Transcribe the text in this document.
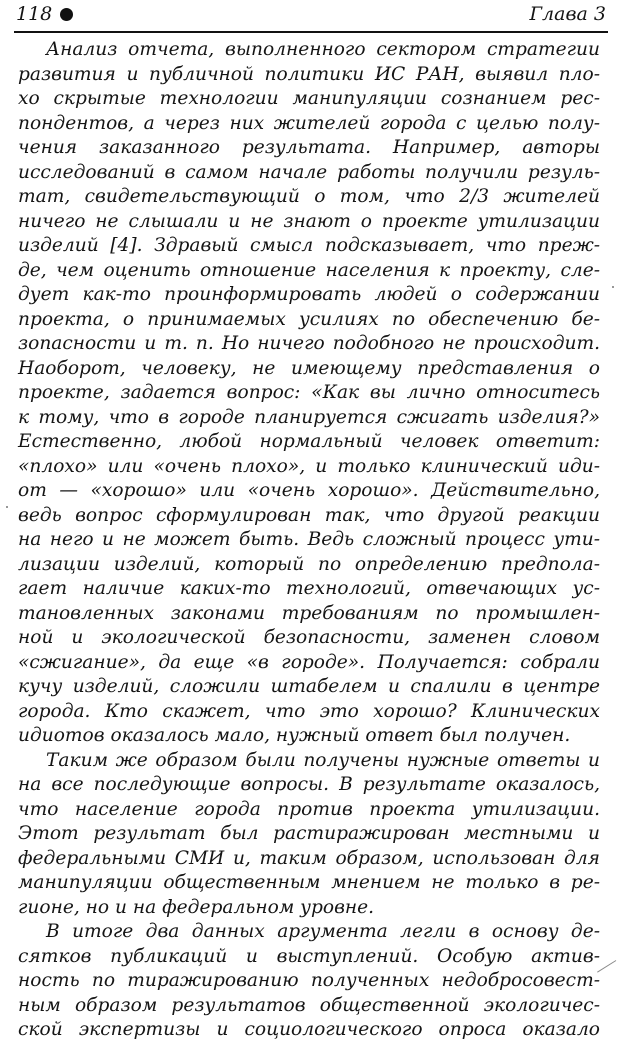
118	Глава 3
Анализ отчета, выполненного сектором стратегии
развития и публичной политики ИС РАН, выявил пло-
хо скрытые технологии манипуляции сознанием рес-
пондентов, а через них жителей города с целью полу-
чения заказанного результата. Например, авторы
исследований в самом начале работы получили резуль-
тат, свидетельствующий о том, что 2/3 жителей
ничего не слышали и не знают о проекте утилизации
изделий [4]. Здравый смысл подсказывает, что преж-
де, чем оценить отношение населения к проекту, сле-
дует как-то проинформировать людей о содержании
проекта, о принимаемых усилиях по обеспечению бе-
зопасности и т. п. Но ничего подобного не происходит.
Наоборот, человеку, не имеющему представления о
проекте, задается вопрос: «Как вы лично относитесь
к тому, что в городе планируется сжигать изделия?»
Естественно, любой нормальный человек ответит:
«плохо» или «очень плохо», и только клинический иди-
от — «хорошо» или «очень хорошо». Действительно,
ведь вопрос сформулирован так, что другой реакции
на него и не может быть. Ведь сложный процесс ути-
лизации изделий, который по определению предпола-
гает наличие каких-то технологий, отвечающих ус-
тановленных законами требованиям по промышлен-
ной и экологической безопасности, заменен словом
«сжигание», да еще «в городе». Получается: собрали
кучу изделий, сложили штабелем и спалили в центре
города. Кто скажет, что это хорошо? Клинических
идиотов оказалось мало, нужный ответ был получен.
Таким же образом были получены нужные ответы и
на все последующие вопросы. В результате оказалось,
что население города против проекта утилизации.
Этот результат был растиражирован местными и
федеральными СМИ и, таким образом, использован для
манипуляции общественным мнением не только в ре-
гионе, но и на федеральном уровне.
В итоге два данных аргумента легли в основу де-
сятков публикаций и выступлений. Особую актив-
ность по тиражированию полученных недобросовест-
ным образом результатов общественной экологичес-
ской экспертизы и социологического опроса оказало
